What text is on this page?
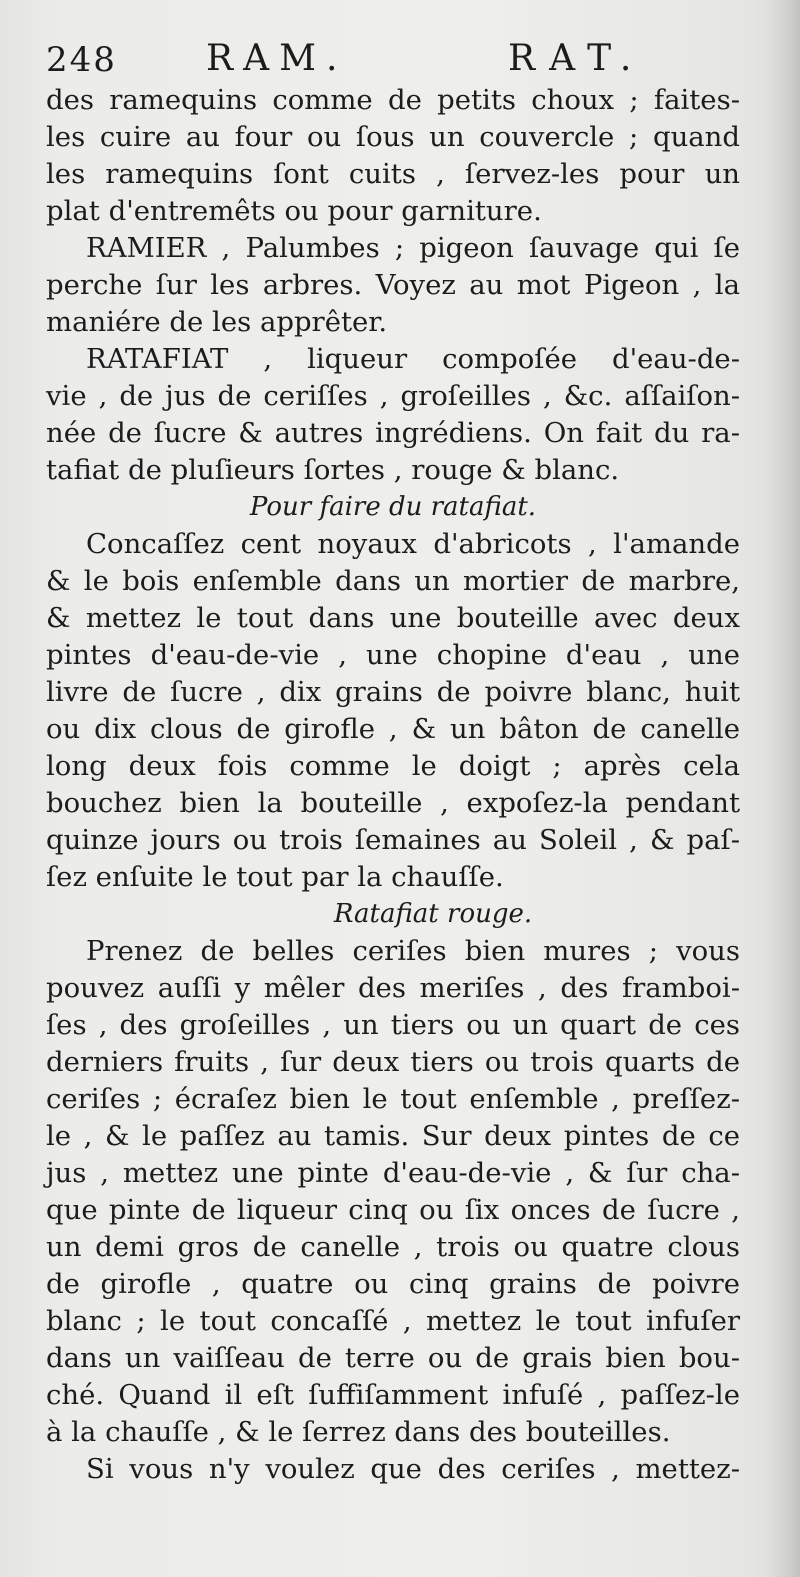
248 RAM.	RAT.
des ramequins comme de petits choux ; faites-
les cuire au four ou ſous un couvercle ; quand
les ramequins ſont cuits , ſervez-les pour un
plat d'entremêts ou pour garniture.
RAMIER , Palumbes ; pigeon ſauvage qui ſe
perche ſur les arbres. Voyez au mot Pigeon , la
maniére de les apprêter.
RATAFIAT , liqueur compoſée d'eau-de-
vie , de jus de ceriſſes , groſeilles , &c. aſſaiſon-
née de ſucre & autres ingrédiens. On fait du ra-
tafiat de pluſieurs ſortes , rouge & blanc.
Pour faire du ratafiat.
Concaſſez cent noyaux d'abricots , l'amande
& le bois enſemble dans un mortier de marbre,
& mettez le tout dans une bouteille avec deux
pintes d'eau-de-vie , une chopine d'eau , une
livre de ſucre , dix grains de poivre blanc, huit
ou dix clous de girofle , & un bâton de canelle
long deux fois comme le doigt ; après cela
bouchez bien la bouteille , expoſez-la pendant
quinze jours ou trois ſemaines au Soleil , & paſ-
ſez enſuite le tout par la chauſſe.
Ratafiat rouge.
Prenez de belles ceriſes bien mures ; vous
pouvez auſſi y mêler des meriſes , des framboi-
ſes , des groſeilles , un tiers ou un quart de ces
derniers fruits , ſur deux tiers ou trois quarts de
ceriſes ; écraſez bien le tout enſemble , preſſez-
le , & le paſſez au tamis. Sur deux pintes de ce
jus , mettez une pinte d'eau-de-vie , & ſur cha-
que pinte de liqueur cinq ou ſix onces de ſucre ,
un demi gros de canelle , trois ou quatre clous
de girofle , quatre ou cinq grains de poivre
blanc ; le tout concaſſé , mettez le tout infuſer
dans un vaiſſeau de terre ou de grais bien bou-
ché. Quand il eſt ſuffiſamment infuſé , paſſez-le
à la chauſſe , & le ſerrez dans des bouteilles.
Si vous n'y voulez que des ceriſes , mettez-
